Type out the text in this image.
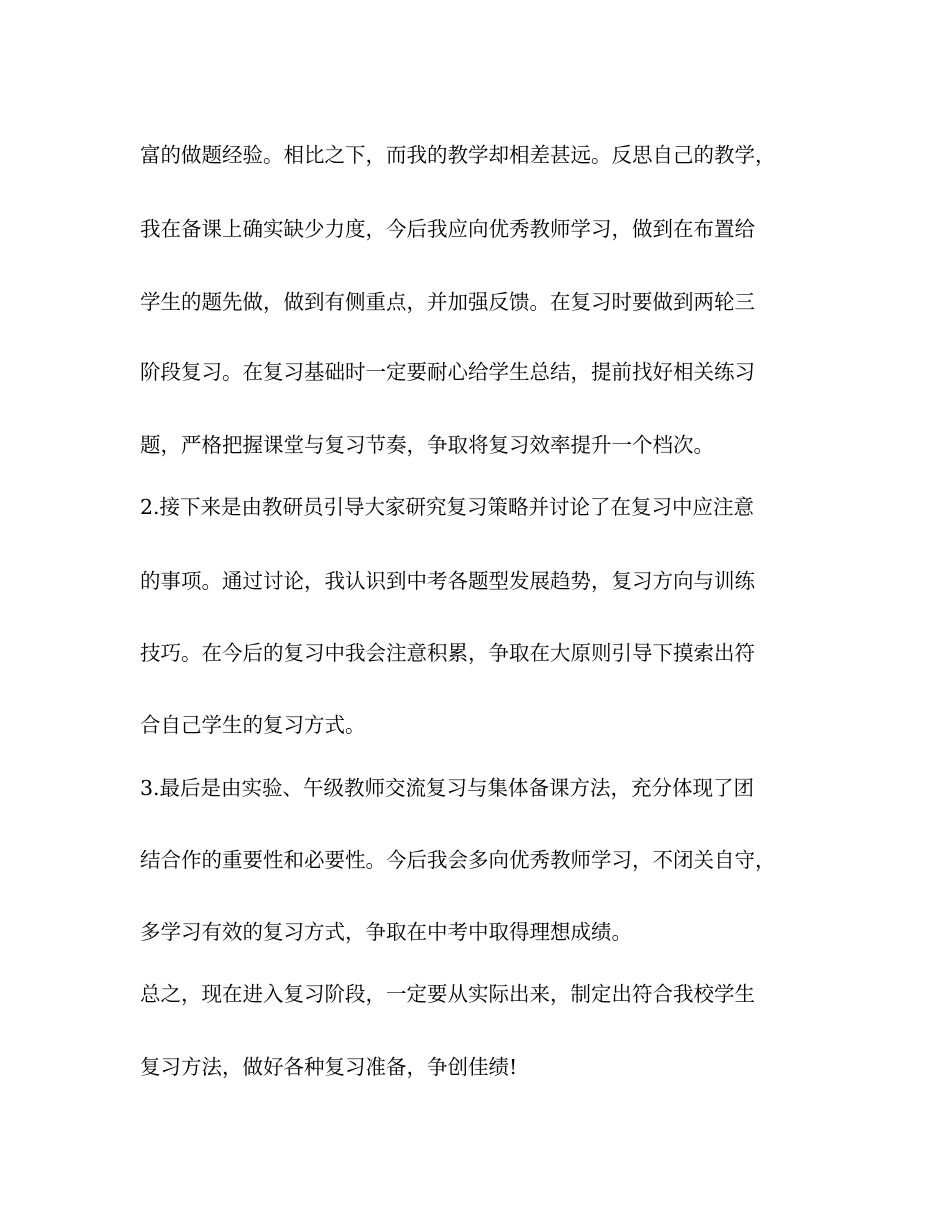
富的做题经验。相比之下，而我的教学却相差甚远。反思自己的教学，
我在备课上确实缺少力度，今后我应向优秀教师学习，做到在布置给
学生的题先做，做到有侧重点，并加强反馈。在复习时要做到两轮三
阶段复习。在复习基础时一定要耐心给学生总结，提前找好相关练习
题，严格把握课堂与复习节奏，争取将复习效率提升一个档次。
2.接下来是由教研员引导大家研究复习策略并讨论了在复习中应注意
的事项。通过讨论，我认识到中考各题型发展趋势，复习方向与训练
技巧。在今后的复习中我会注意积累，争取在大原则引导下摸索出符
合自己学生的复习方式。
3.最后是由实验、午级教师交流复习与集体备课方法，充分体现了团
结合作的重要性和必要性。今后我会多向优秀教师学习，不闭关自守，
多学习有效的复习方式，争取在中考中取得理想成绩。
总之，现在进入复习阶段，一定要从实际出来，制定出符合我校学生
复习方法，做好各种复习准备，争创佳绩!
